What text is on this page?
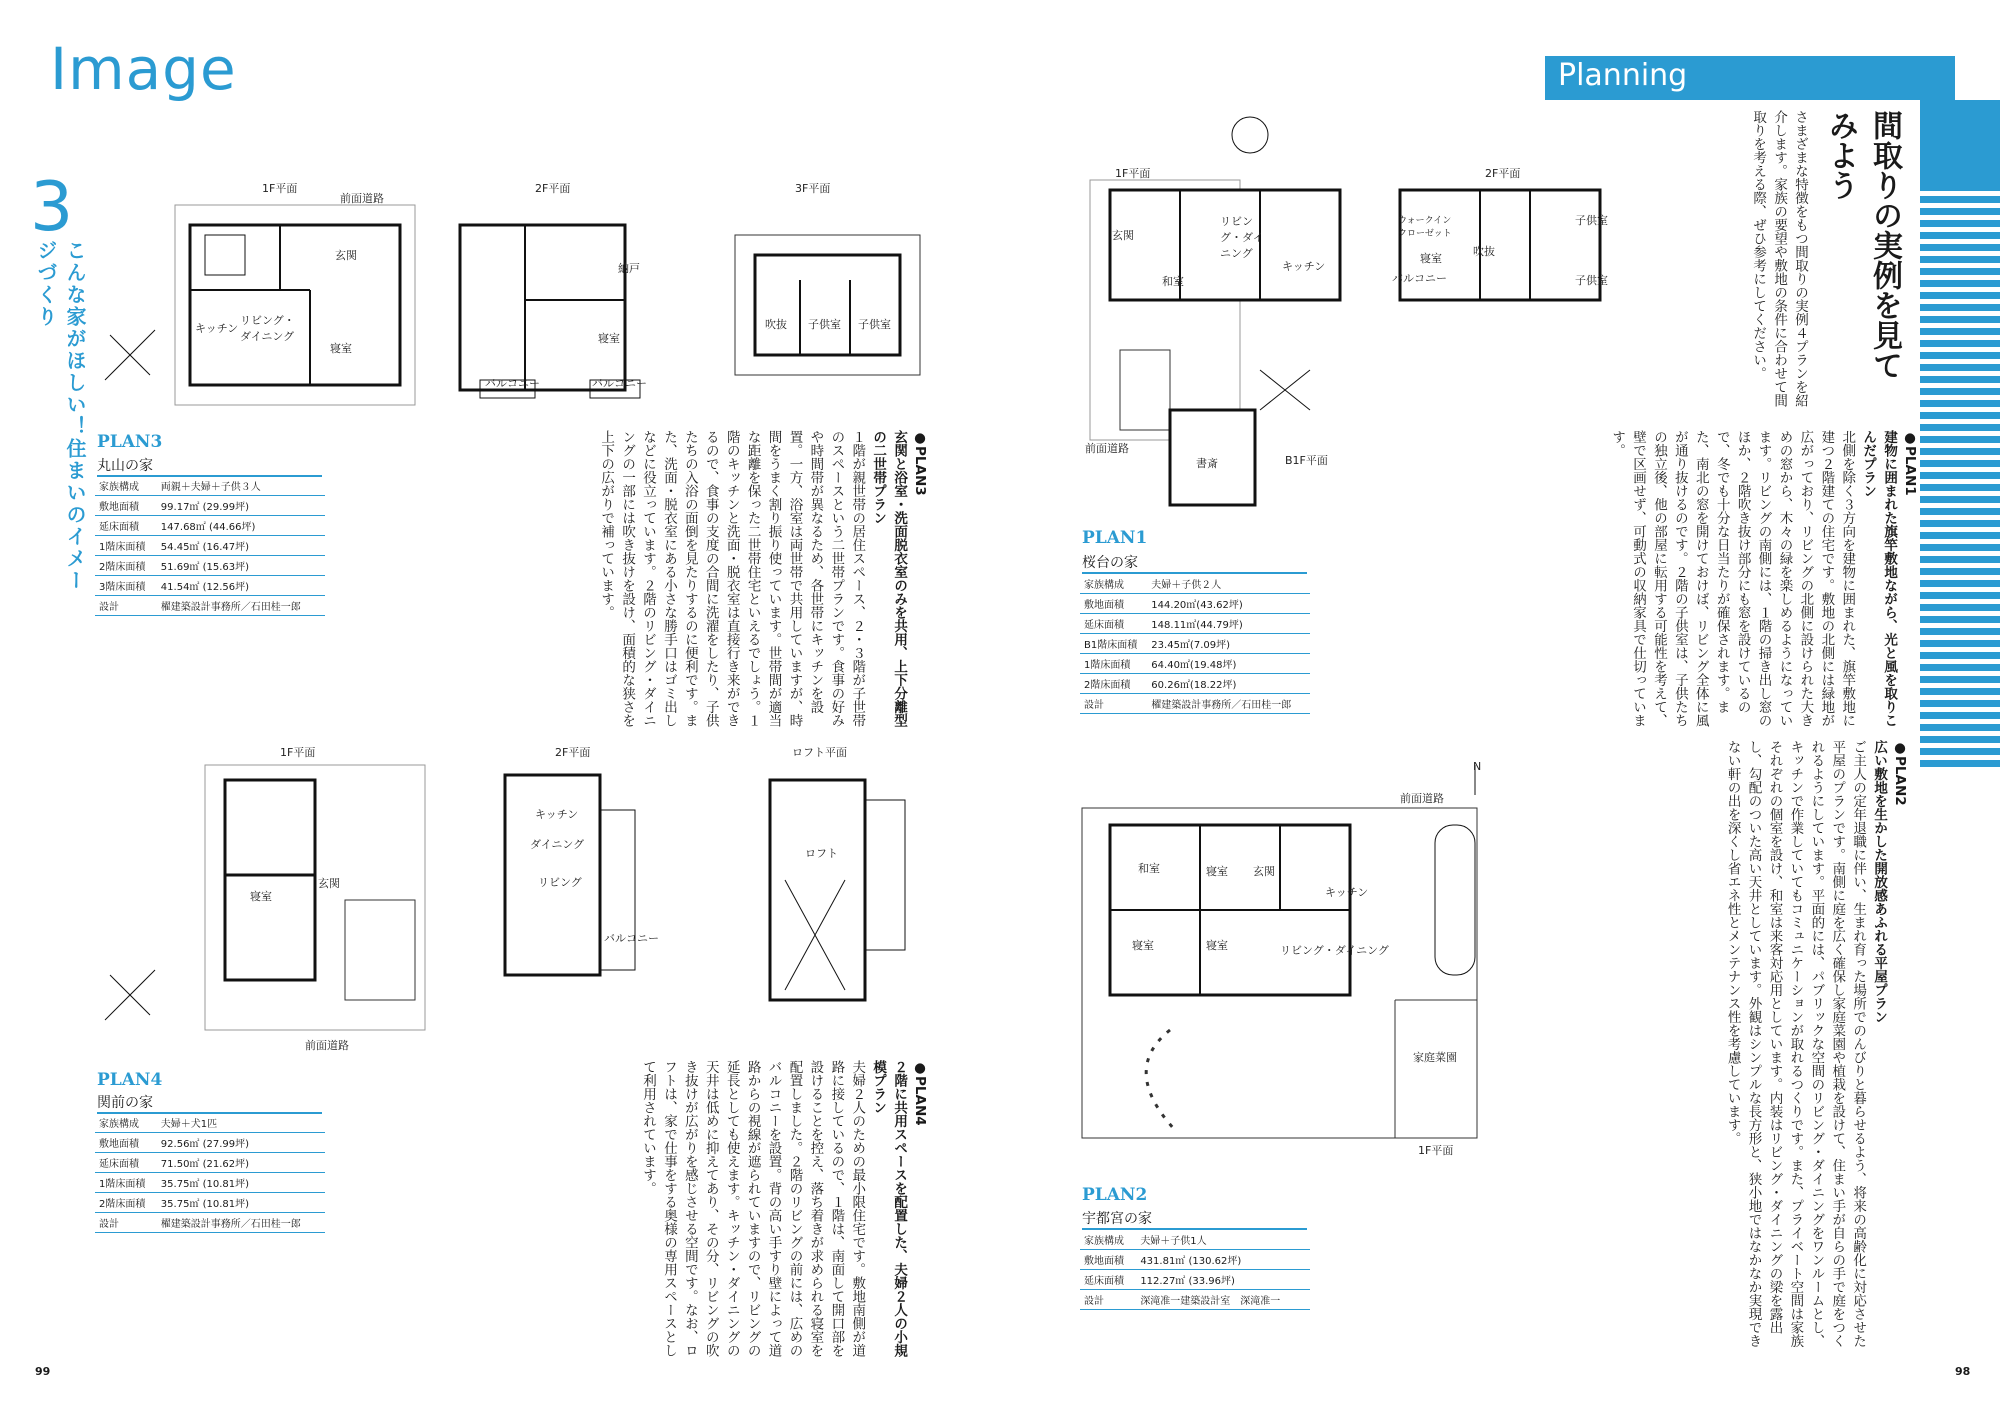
Image	Planning
3
こんな家がほしい！住まいのイメージづくり
1F平面
前面道路
2F平面	3F平面
玄関
キッチン
リビング・ダイニング
寝室
納戸
寝室
バルコニー	バルコニー
吹抜 子供室 子供室
PLAN3
丸山の家
家族構成	両親＋夫婦＋子供３人
敷地面積	99.17㎡ (29.99坪)
延床面積	147.68㎡ (44.66坪)
1階床面積	54.45㎡ (16.47坪)
2階床面積	51.69㎡ (15.63坪)
3階床面積	41.54㎡ (12.56坪)
設計	櫂建築設計事務所／石田桂一郎
●PLAN3
玄関と浴室・洗面脱衣室のみを共用、上下分離型の二世帯プラン
１階が親世帯の居住スペース、２・３階が子世帯のスペースという二世帯プランです。食事の好みや時間帯が異なるため、各世帯にキッチンを設置。一方、浴室は両世帯で共用していますが、時間をうまく割り振り使っています。世帯間が適当な距離を保った二世帯住宅といえるでしょう。１階のキッチンと洗面・脱衣室は直接行き来ができるので、食事の支度の合間に洗濯をしたり、子供たちの入浴の面倒を見たりするのに便利です。また、洗面・脱衣室にある小さな勝手口はゴミ出しなどに役立っています。２階のリビング・ダイニングの一部には吹き抜けを設け、面積的な狭さを上下の広がりで補っています。
1F平面	2F平面	ロフト平面
寝室
玄関
前面道路
キッチン
ダイニング
リビング
バルコニー
ロフト
PLAN4
関前の家
家族構成	夫婦＋犬1匹
敷地面積	92.56㎡ (27.99坪)
延床面積	71.50㎡ (21.62坪)
1階床面積	35.75㎡ (10.81坪)
2階床面積	35.75㎡ (10.81坪)
設計	櫂建築設計事務所／石田桂一郎
●PLAN4
２階に共用スペースを配置した、夫婦２人の小規模プラン
夫婦２人のための最小限住宅です。敷地南側が道路に接しているので、１階は、南面して開口部を設けることを控え、落ち着きが求められる寝室を配置しました。２階のリビングの前には、広めのバルコニーを設置。背の高い手すり壁によって道路からの視線が遮られていますので、リビングの延長としても使えます。キッチン・ダイニングの天井は低めに抑えてあり、その分、リビングの吹き抜けが広がりを感じさせる空間です。なお、ロフトは、家で仕事をする奥様の専用スペースとして利用されています。
1F平面	2F平面
B1F平面
前面道路
リビング・ダイニング
キッチン
和室
玄関
ウォークインクローゼット
吹抜
寝室
バルコニー
子供室
子供室
書斎
PLAN1
桜台の家
家族構成	夫婦＋子供２人
敷地面積	144.20㎡(43.62坪)
延床面積	148.11㎡(44.79坪)
B1階床面積	23.45㎡(7.09坪)
1階床面積	64.40㎡(19.48坪)
2階床面積	60.26㎡(18.22坪)
設計	櫂建築設計事務所／石田桂一郎
●PLAN1
建物に囲まれた旗竿敷地ながら、光と風を取りこんだプラン
北側を除く３方向を建物に囲まれた、旗竿敷地に建つ２階建ての住宅です。敷地の北側には緑地が広がっており、リビングの北側に設けられた大きめの窓から、木々の緑を楽しめるようになっています。リビングの南側には、１階の掃き出し窓のほか、２階吹き抜け部分にも窓を設けているので、冬でも十分な日当たりが確保されます。また、南北の窓を開けておけば、リビング全体に風が通り抜けるのです。２階の子供室は、子供たちの独立後、他の部屋に転用する可能性を考えて、壁で区画せず、可動式の収納家具で仕切っています。
間取りの実例を見てみよう
さまざまな特徴をもつ間取りの実例４プランを紹介します。家族の要望や敷地の条件に合わせて間取りを考える際、ぜひ参考にしてください。
N
前面道路
和室	寝室 玄関
キッチン
寝室	寝室	リビング・ダイニング
家庭菜園
1F平面
PLAN2
宇都宮の家
家族構成	夫婦＋子供1人
敷地面積	431.81㎡ (130.62坪)
延床面積	112.27㎡ (33.96坪)
設計	深滝准一建築設計室　深滝准一
●PLAN2
広い敷地を生かした開放感あふれる平屋プラン
ご主人の定年退職に伴い、生まれ育った場所でのんびりと暮らせるよう、将来の高齢化に対応させた平屋のプランです。南側に庭を広く確保し家庭菜園や植栽を設けて、住まい手が自らの手で庭をつくれるようにしています。平面的には、パブリックな空間のリビング・ダイニングをワンルームとし、キッチンで作業していてもコミュニケーションが取れるつくりです。また、プライベート空間は家族それぞれの個室を設け、和室は来客対応用としています。内装はリビング・ダイニングの梁を露出し、勾配のついた高い天井としています。外観はシンプルな長方形と、狭小地ではなかなか実現できない軒の出を深くし省エネ性とメンテナンス性を考慮しています。
99	98
